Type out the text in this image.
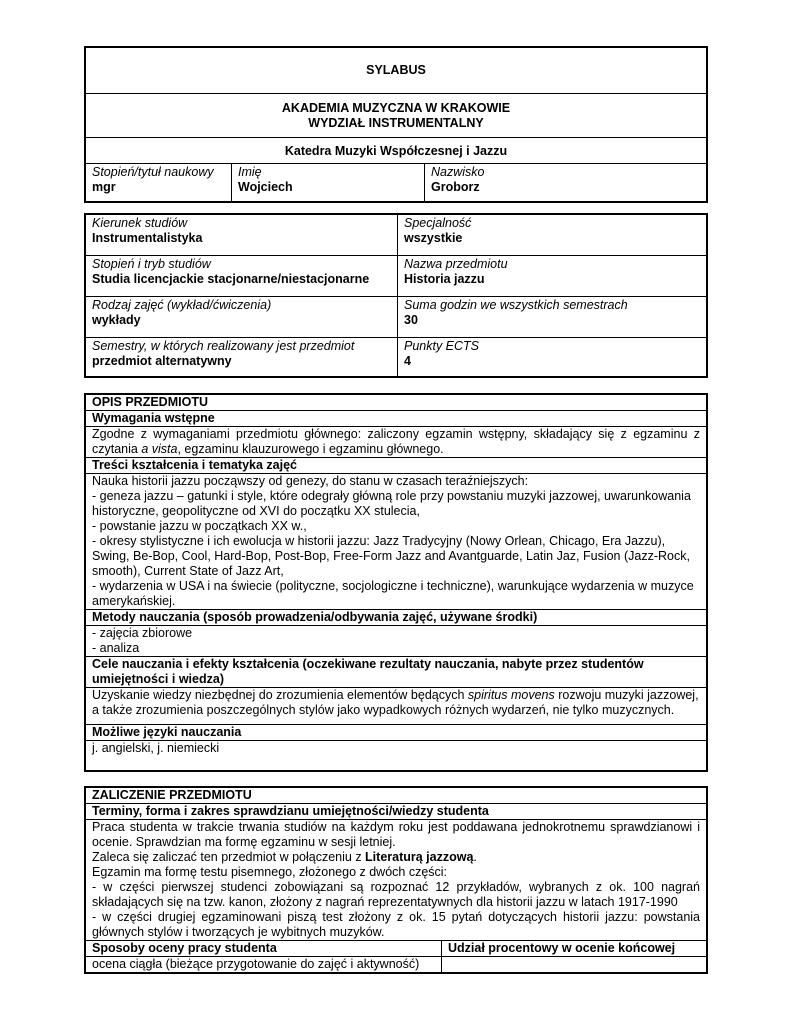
SYLABUS
AKADEMIA MUZYCZNA W KRAKOWIE
WYDZIAŁ INSTRUMENTALNY
Katedra Muzyki Współczesnej i Jazzu
Stopień/tytuł naukowy
mgr
Imię
Wojciech
Nazwisko
Groborz
Kierunek studiów
Instrumentalistyka
Specjalność
wszystkie
Stopień i tryb studiów
Studia licencjackie stacjonarne/niestacjonarne
Nazwa przedmiotu
Historia jazzu
Rodzaj zajęć (wykład/ćwiczenia)
wykłady
Suma godzin we wszystkich semestrach
30
Semestry, w których realizowany jest przedmiot
przedmiot alternatywny
Punkty ECTS
4
OPIS PRZEDMIOTU
Wymagania wstępne
Zgodne z wymaganiami przedmiotu głównego: zaliczony egzamin wstępny, składający się z egzaminu z czytania a vista, egzaminu klauzurowego i egzaminu głównego.
Treści kształcenia i tematyka zajęć
Nauka historii jazzu począwszy od genezy, do stanu w czasach teraźniejszych:
- geneza jazzu – gatunki i style, które odegrały główną role przy powstaniu muzyki jazzowej, uwarunkowania historyczne, geopolityczne od XVI do początku XX stulecia,
- powstanie jazzu w początkach XX w.,
- okresy stylistyczne i ich ewolucja w historii jazzu: Jazz Tradycyjny (Nowy Orlean, Chicago, Era Jazzu), Swing, Be-Bop, Cool, Hard-Bop, Post-Bop, Free-Form Jazz and Avantguarde, Latin Jaz, Fusion (Jazz-Rock, smooth), Current State of Jazz Art,
- wydarzenia w USA i na świecie (polityczne, socjologiczne i techniczne), warunkujące wydarzenia w muzyce amerykańskiej.
Metody nauczania (sposób prowadzenia/odbywania zajęć, używane środki)
- zajęcia zbiorowe
- analiza
Cele nauczania i efekty kształcenia (oczekiwane rezultaty nauczania, nabyte przez studentów umiejętności i wiedza)
Uzyskanie wiedzy niezbędnej do zrozumienia elementów będących spiritus movens rozwoju muzyki jazzowej, a także zrozumienia poszczególnych stylów jako wypadkowych różnych wydarzeń, nie tylko muzycznych.
Możliwe języki nauczania
j. angielski, j. niemiecki
ZALICZENIE PRZEDMIOTU
Terminy, forma i zakres sprawdzianu umiejętności/wiedzy studenta
Praca studenta w trakcie trwania studiów na każdym roku jest poddawana jednokrotnemu sprawdzianowi i ocenie. Sprawdzian ma formę egzaminu w sesji letniej.
Zaleca się zaliczać ten przedmiot w połączeniu z Literaturą jazzową.
Egzamin ma formę testu pisemnego, złożonego z dwóch części:
- w części pierwszej studenci zobowiązani są rozpoznać 12 przykładów, wybranych z ok. 100 nagrań składających się na tzw. kanon, złożony z nagrań reprezentatywnych dla historii jazzu w latach 1917-1990
- w części drugiej egzaminowani piszą test złożony z ok. 15 pytań dotyczących historii jazzu: powstania głównych stylów i tworzących je wybitnych muzyków.
Sposoby oceny pracy studenta	Udział procentowy w ocenie końcowej
ocena ciągła (bieżące przygotowanie do zajęć i aktywność)
